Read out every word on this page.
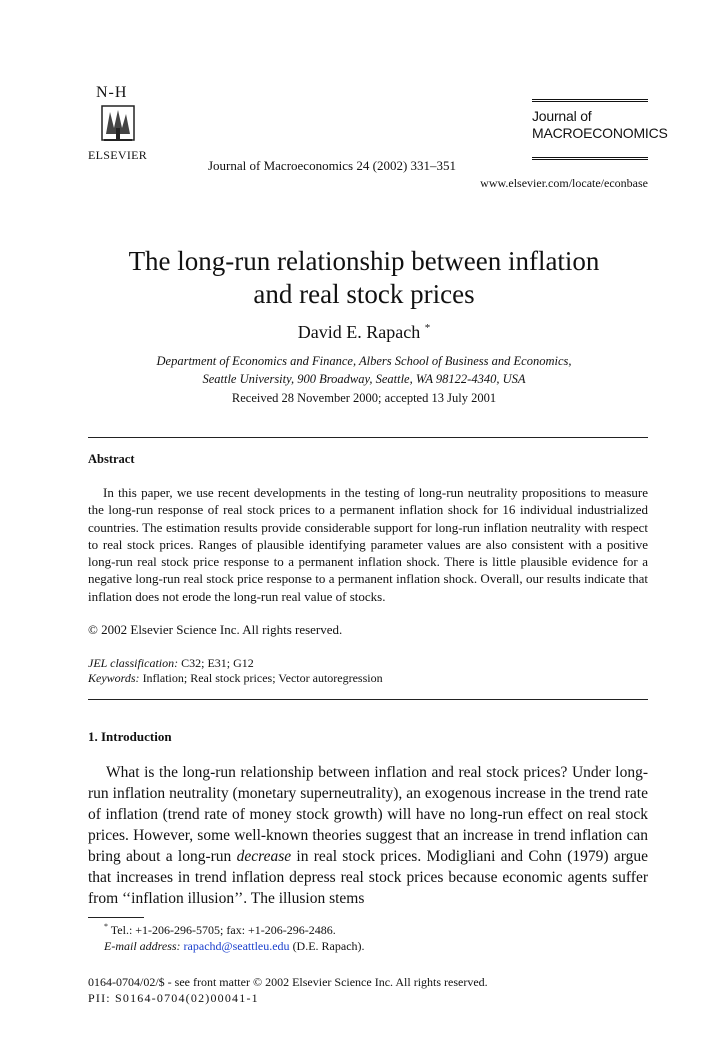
N-H
ELSEVIER
Journal of Macroeconomics 24 (2002) 331–351
Journal of
MACROECONOMICS
www.elsevier.com/locate/econbase
The long-run relationship between inflation
and real stock prices
David E. Rapach *
Department of Economics and Finance, Albers School of Business and Economics,
Seattle University, 900 Broadway, Seattle, WA 98122-4340, USA
Received 28 November 2000; accepted 13 July 2001
Abstract

In this paper, we use recent developments in the testing of long-run neutrality propositions to measure the long-run response of real stock prices to a permanent inflation shock for 16 individual industrialized countries. The estimation results provide considerable support for long-run inflation neutrality with respect to real stock prices. Ranges of plausible identifying parameter values are also consistent with a positive long-run real stock price response to a permanent inflation shock. There is little plausible evidence for a negative long-run real stock price response to a permanent inflation shock. Overall, our results indicate that inflation does not erode the long-run real value of stocks.

© 2002 Elsevier Science Inc. All rights reserved.
JEL classification: C32; E31; G12
Keywords: Inflation; Real stock prices; Vector autoregression
1. Introduction

What is the long-run relationship between inflation and real stock prices? Under long-run inflation neutrality (monetary superneutrality), an exogenous increase in the trend rate of inflation (trend rate of money stock growth) will have no long-run effect on real stock prices. However, some well-known theories suggest that an increase in trend inflation can bring about a long-run decrease in real stock prices. Modigliani and Cohn (1979) argue that increases in trend inflation depress real stock prices because economic agents suffer from ‘‘inflation illusion’’. The illusion stems

* Tel.: +1-206-296-5705; fax: +1-206-296-2486.
E-mail address: rapachd@seattleu.edu (D.E. Rapach).
0164-0704/02/$ - see front matter © 2002 Elsevier Science Inc. All rights reserved.
PII: S0164-0704(02)00041-1
